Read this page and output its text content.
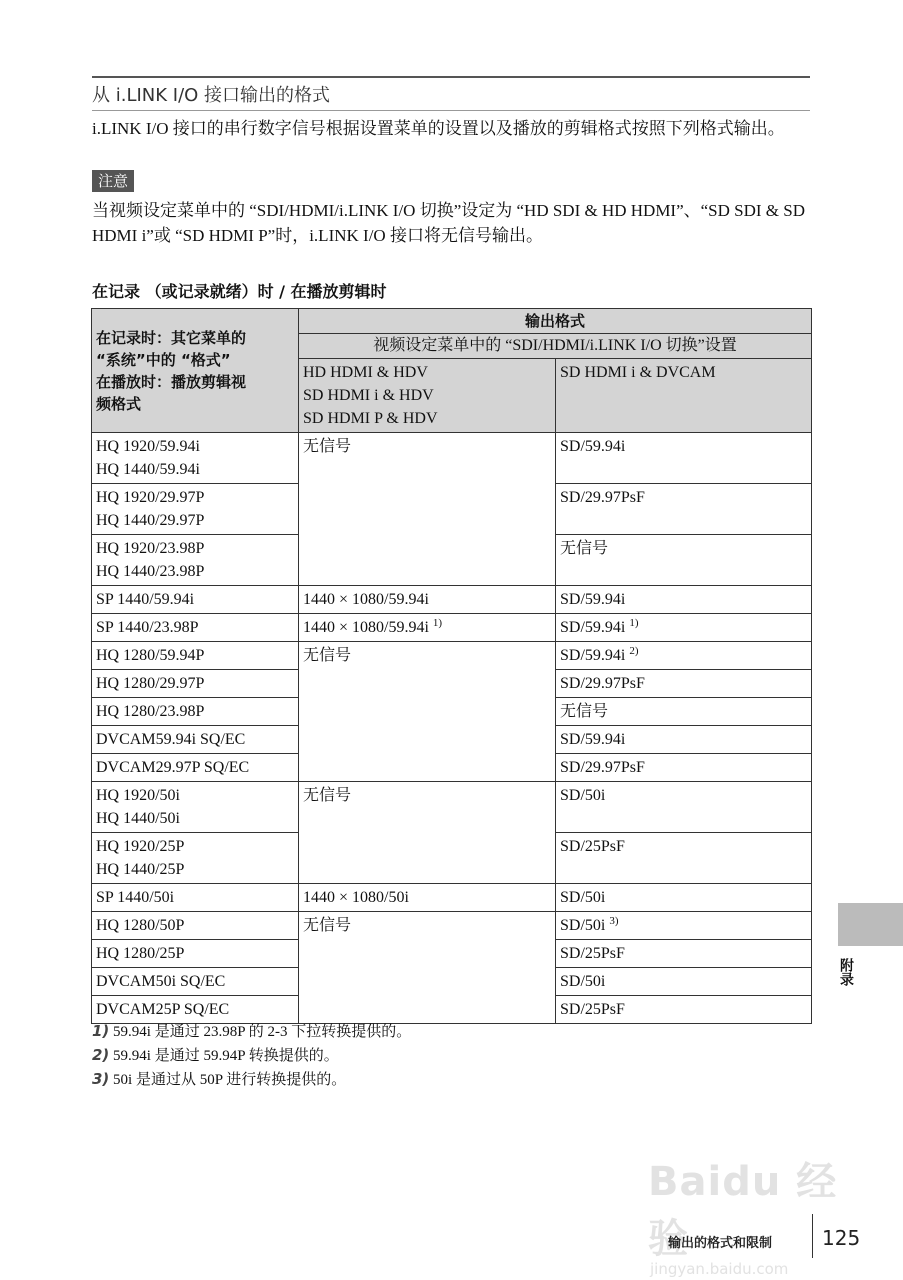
从 i.LINK I/O 接口输出的格式
i.LINK I/O 接口的串行数字信号根据设置菜单的设置以及播放的剪辑格式按照下列格式输出。
注意
当视频设定菜单中的 “SDI/HDMI/i.LINK I/O 切换”设定为 “HD SDI & HD HDMI”、“SD SDI & SD HDMI i”或 “SD HDMI P”时，i.LINK I/O 接口将无信号输出。
在记录 （或记录就绪）时 / 在播放剪辑时
在记录时：其它菜单的
“系统”中的 “格式”
在播放时：播放剪辑视
频格式	输出格式	
	视频设定菜单中的 “SDI/HDMI/i.LINK I/O 切换”设置	

	HD HDMI & HDV
SD HDMI i & HDV
SD HDMI P & HDV	SD HDMI i & DVCAM

HQ 1920/59.94i
HQ 1440/59.94i	无信号	SD/59.94i

HQ 1920/29.97P
HQ 1440/29.97P		SD/29.97PsF

HQ 1920/23.98P
HQ 1440/23.98P		无信号

SP 1440/59.94i	1440 × 1080/59.94i	SD/59.94i

SP 1440/23.98P	1440 × 1080/59.94i $^{1)}$	SD/59.94i $^{1)}$

HQ 1280/59.94P	无信号	SD/59.94i $^{2)}$

HQ 1280/29.97P		SD/29.97PsF

HQ 1280/23.98P		无信号

DVCAM59.94i SQ/EC		SD/59.94i

DVCAM29.97P SQ/EC		SD/29.97PsF

HQ 1920/50i
HQ 1440/50i	无信号	SD/50i

HQ 1920/25P
HQ 1440/25P		SD/25PsF

SP 1440/50i	1440 × 1080/50i	SD/50i

HQ 1280/50P	无信号	SD/50i $^{3)}$

HQ 1280/25P		SD/25PsF

DVCAM50i SQ/EC		SD/50i

DVCAM25P SQ/EC		SD/25PsF
1) 59.94i 是通过 23.98P 的 2-3 下拉转换提供的。
2) 59.94i 是通过 59.94P 转换提供的。
3) 50i 是通过从 50P 进行转换提供的。
附录
Baidu 经验
jingyan.baidu.com
输出的格式和限制 125
